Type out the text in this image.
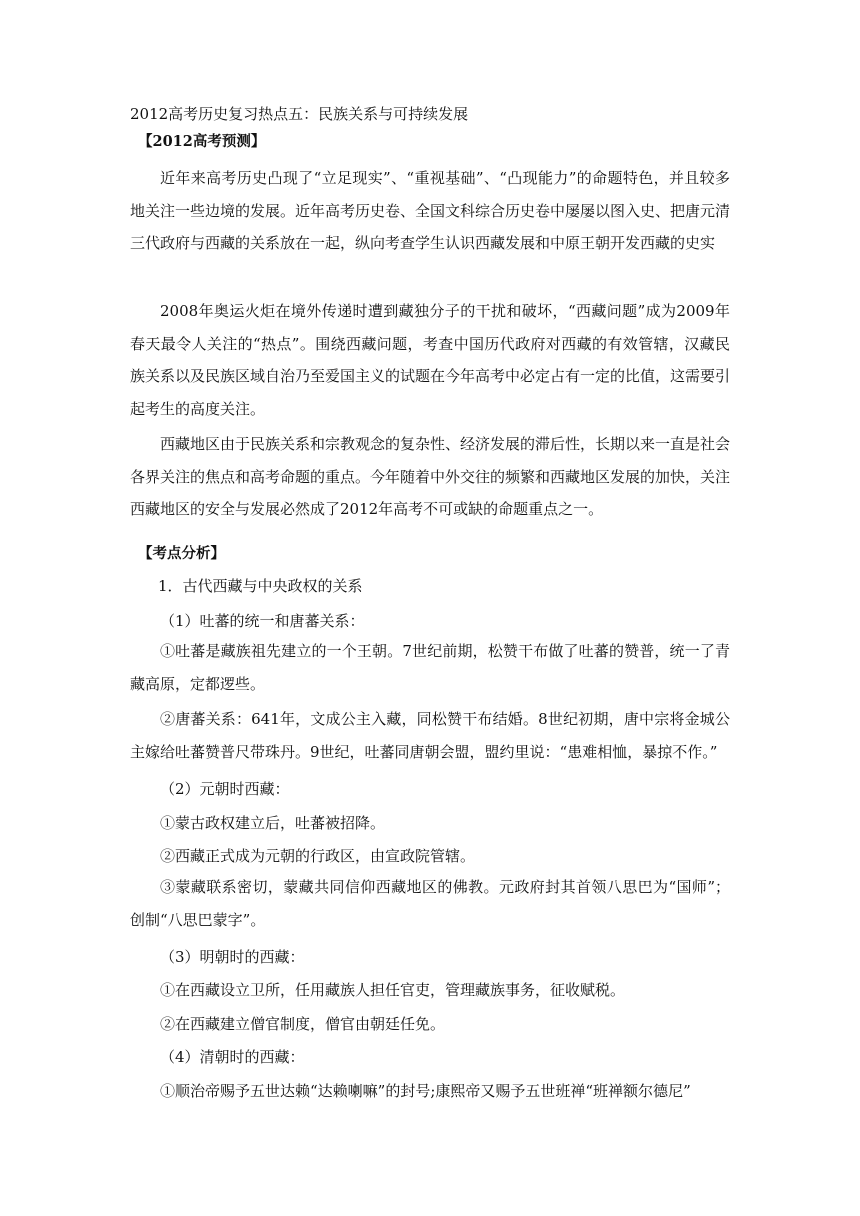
2012高考历史复习热点五：民族关系与可持续发展
【2012高考预测】
近年来高考历史凸现了“立足现实”、“重视基础”、“凸现能力”的命题特色，并且较多地关注一些边境的发展。近年高考历史卷、全国文科综合历史卷中屡屡以图入史、把唐元清三代政府与西藏的关系放在一起，纵向考查学生认识西藏发展和中原王朝开发西藏的史实
2008年奥运火炬在境外传递时遭到藏独分子的干扰和破坏，“西藏问题”成为2009年春天最令人关注的“热点”。围绕西藏问题，考查中国历代政府对西藏的有效管辖，汉藏民族关系以及民族区域自治乃至爱国主义的试题在今年高考中必定占有一定的比值，这需要引起考生的高度关注。
西藏地区由于民族关系和宗教观念的复杂性、经济发展的滞后性，长期以来一直是社会各界关注的焦点和高考命题的重点。今年随着中外交往的频繁和西藏地区发展的加快，关注西藏地区的安全与发展必然成了2012年高考不可或缺的命题重点之一。
【考点分析】
1．古代西藏与中央政权的关系
（1）吐蕃的统一和唐蕃关系：
①吐蕃是藏族祖先建立的一个王朝。7世纪前期，松赞干布做了吐蕃的赞普，统一了青藏高原，定都逻些。
②唐蕃关系：641年，文成公主入藏，同松赞干布结婚。8世纪初期，唐中宗将金城公主嫁给吐蕃赞普尺带珠丹。9世纪，吐蕃同唐朝会盟，盟约里说：“患难相恤，暴掠不作。”
（2）元朝时西藏：
①蒙古政权建立后，吐蕃被招降。
②西藏正式成为元朝的行政区，由宣政院管辖。
③蒙藏联系密切，蒙藏共同信仰西藏地区的佛教。元政府封其首领八思巴为“国师”；创制“八思巴蒙字”。
（3）明朝时的西藏：
①在西藏设立卫所，任用藏族人担任官吏，管理藏族事务，征收赋税。
②在西藏建立僧官制度，僧官由朝廷任免。
（4）清朝时的西藏：
①顺治帝赐予五世达赖“达赖喇嘛”的封号;康熙帝又赐予五世班禅“班禅额尔德尼”
